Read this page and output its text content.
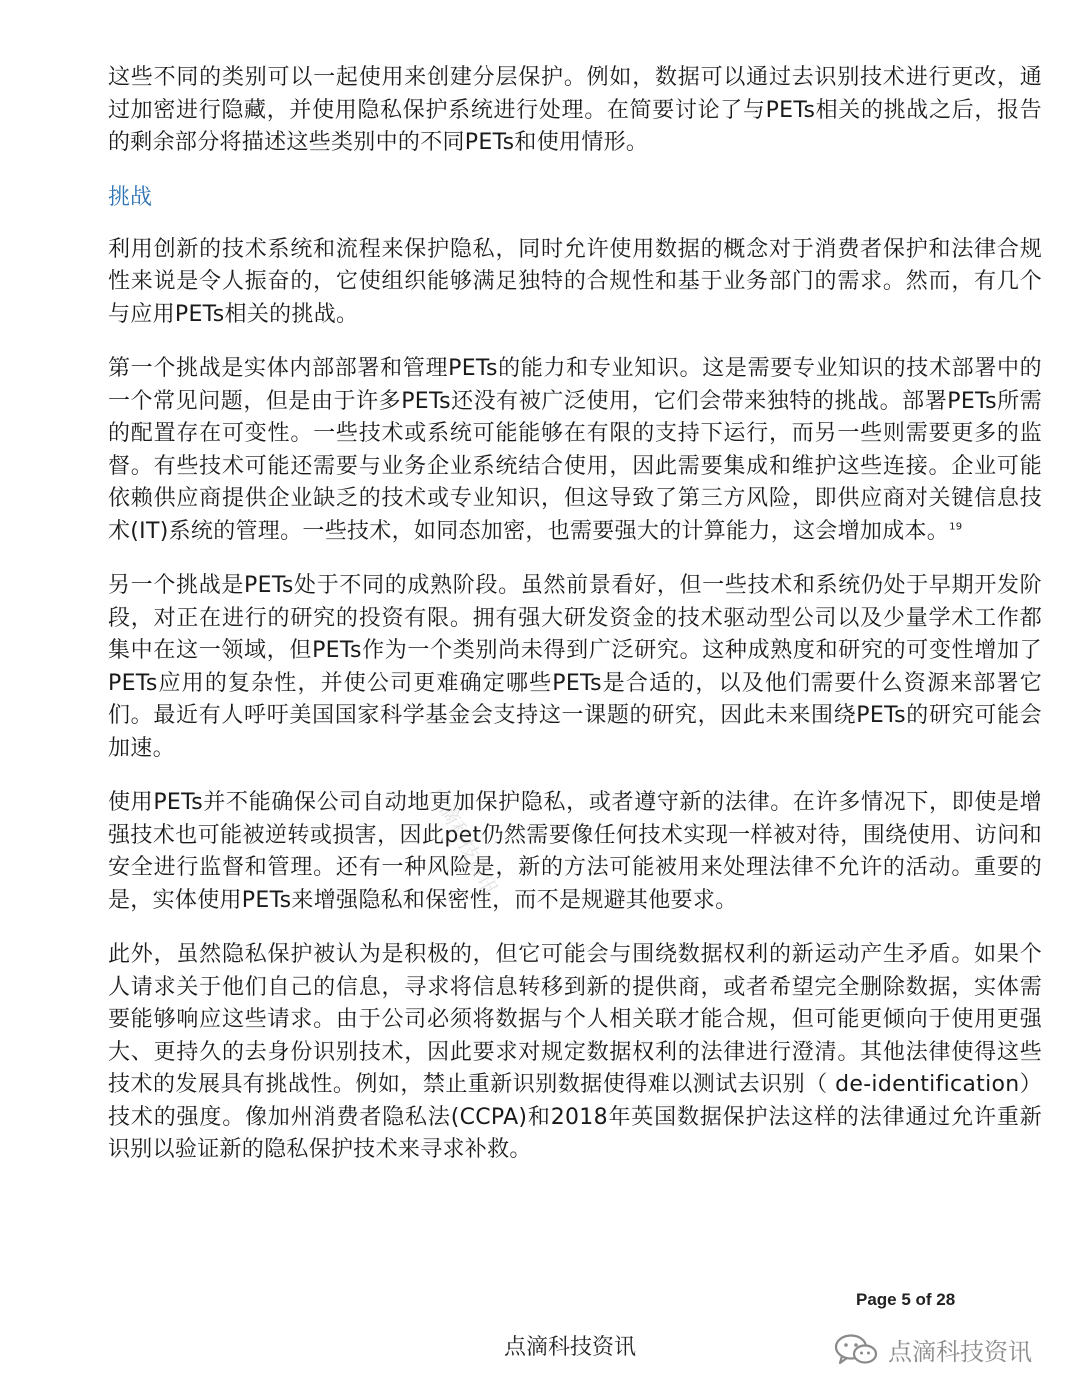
这些不同的类别可以一起使用来创建分层保护。例如，数据可以通过去识别技术进行更改，通过加密进行隐藏，并使用隐私保护系统进行处理。在简要讨论了与PETs相关的挑战之后，报告的剩余部分将描述这些类别中的不同PETs和使用情形。

挑战

利用创新的技术系统和流程来保护隐私，同时允许使用数据的概念对于消费者保护和法律合规性来说是令人振奋的，它使组织能够满足独特的合规性和基于业务部门的需求。然而，有几个与应用PETs相关的挑战。

第一个挑战是实体内部部署和管理PETs的能力和专业知识。这是需要专业知识的技术部署中的一个常见问题，但是由于许多PETs还没有被广泛使用，它们会带来独特的挑战。部署PETs所需的配置存在可变性。一些技术或系统可能能够在有限的支持下运行，而另一些则需要更多的监督。有些技术可能还需要与业务企业系统结合使用，因此需要集成和维护这些连接。企业可能依赖供应商提供企业缺乏的技术或专业知识，但这导致了第三方风险，即供应商对关键信息技术(IT)系统的管理。一些技术，如同态加密，也需要强大的计算能力，这会增加成本。$^{19}$

另一个挑战是PETs处于不同的成熟阶段。虽然前景看好，但一些技术和系统仍处于早期开发阶段，对正在进行的研究的投资有限。拥有强大研发资金的技术驱动型公司以及少量学术工作都集中在这一领域，但PETs作为一个类别尚未得到广泛研究。这种成熟度和研究的可变性增加了PETs应用的复杂性，并使公司更难确定哪些PETs是合适的，以及他们需要什么资源来部署它们。最近有人呼吁美国国家科学基金会支持这一课题的研究，因此未来围绕PETs的研究可能会加速。

使用PETs并不能确保公司自动地更加保护隐私，或者遵守新的法律。在许多情况下，即使是增强技术也可能被逆转或损害，因此pet仍然需要像任何技术实现一样被对待，围绕使用、访问和安全进行监督和管理。还有一种风险是，新的方法可能被用来处理法律不允许的活动。重要的是，实体使用PETs来增强隐私和保密性，而不是规避其他要求。

此外，虽然隐私保护被认为是积极的，但它可能会与围绕数据权利的新运动产生矛盾。如果个人请求关于他们自己的信息，寻求将信息转移到新的提供商，或者希望完全删除数据，实体需要能够响应这些请求。由于公司必须将数据与个人相关联才能合规，但可能更倾向于使用更强大、更持久的去身份识别技术，因此要求对规定数据权利的法律进行澄清。其他法律使得这些技术的发展具有挑战性。例如，禁止重新识别数据使得难以测试去识别（ de-identification）技术的强度。像加州消费者隐私法(CCPA)和2018年英国数据保护法这样的法律通过允许重新识别以验证新的隐私保护技术来寻求补救。

点滴科技资讯
Page 5 of 28
点滴科技资讯	点滴科技资讯
